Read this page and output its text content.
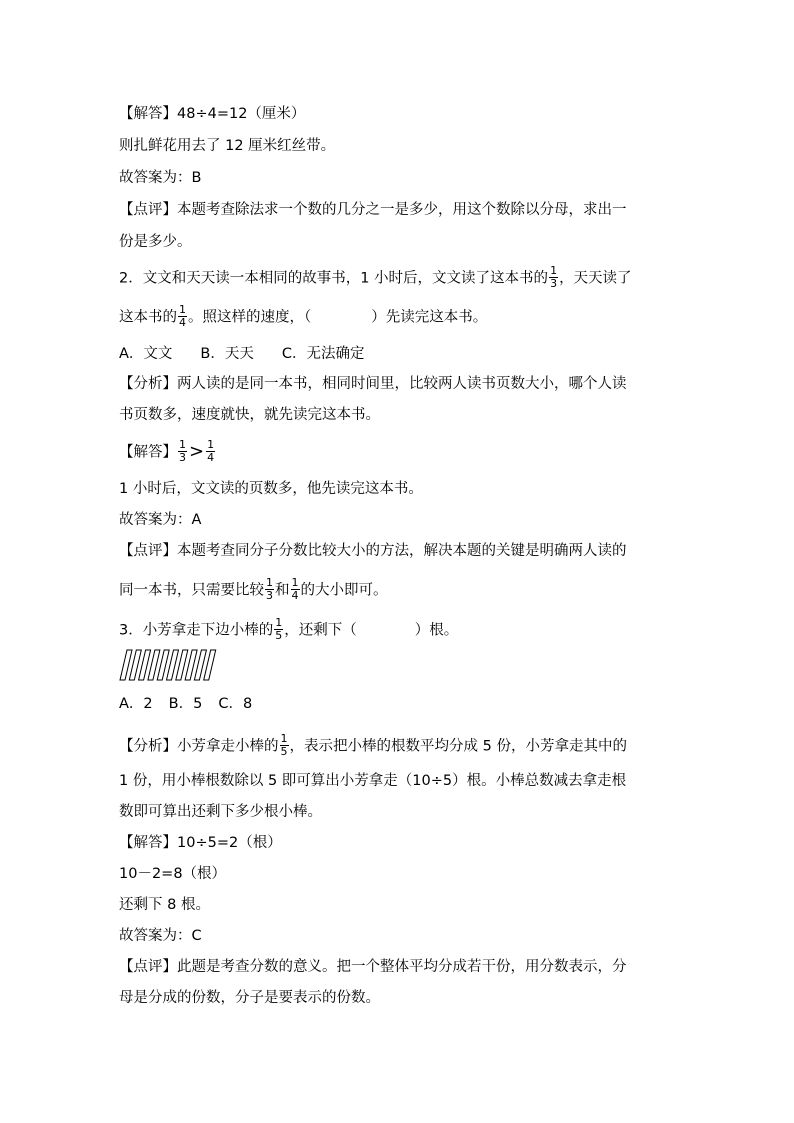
【解答】48÷4=12（厘米）
则扎鲜花用去了 12 厘米红丝带。
故答案为：B
【点评】本题考查除法求一个数的几分之一是多少，用这个数除以分母，求出一
份是多少。
2．文文和天天读一本相同的故事书，1 小时后，文文读了这本书的 $\frac{1}{3}$ ，天天读了
这本书的 $\frac{1}{4}$ 。照这样的速度，（	）先读完这本书。
A．文文 B．天天 C．无法确定
【分析】两人读的是同一本书，相同时间里，比较两人读书页数大小，哪个人读
书页数多，速度就快，就先读完这本书。
【解答】 $\frac{1}{3} > \frac{1}{4}$
1 小时后，文文读的页数多，他先读完这本书。
故答案为：A
【点评】本题考查同分子分数比较大小的方法，解决本题的关键是明确两人读的
同一本书，只需要比较 $\frac{1}{3}$ 和 $\frac{1}{4}$ 的大小即可。
3．小芳拿走下边小棒的 $\frac{1}{5}$ ，还剩下（	）根。
A．2 B．5 C．8
【分析】小芳拿走小棒的 $\frac{1}{5}$ ，表示把小棒的根数平均分成 5 份，小芳拿走其中的
1 份，用小棒根数除以 5 即可算出小芳拿走（10÷5）根。小棒总数减去拿走根
数即可算出还剩下多少根小棒。
【解答】10÷5=2（根）
10－2=8（根）
还剩下 8 根。
故答案为：C
【点评】此题是考查分数的意义。把一个整体平均分成若干份，用分数表示，分
母是分成的份数，分子是要表示的份数。
